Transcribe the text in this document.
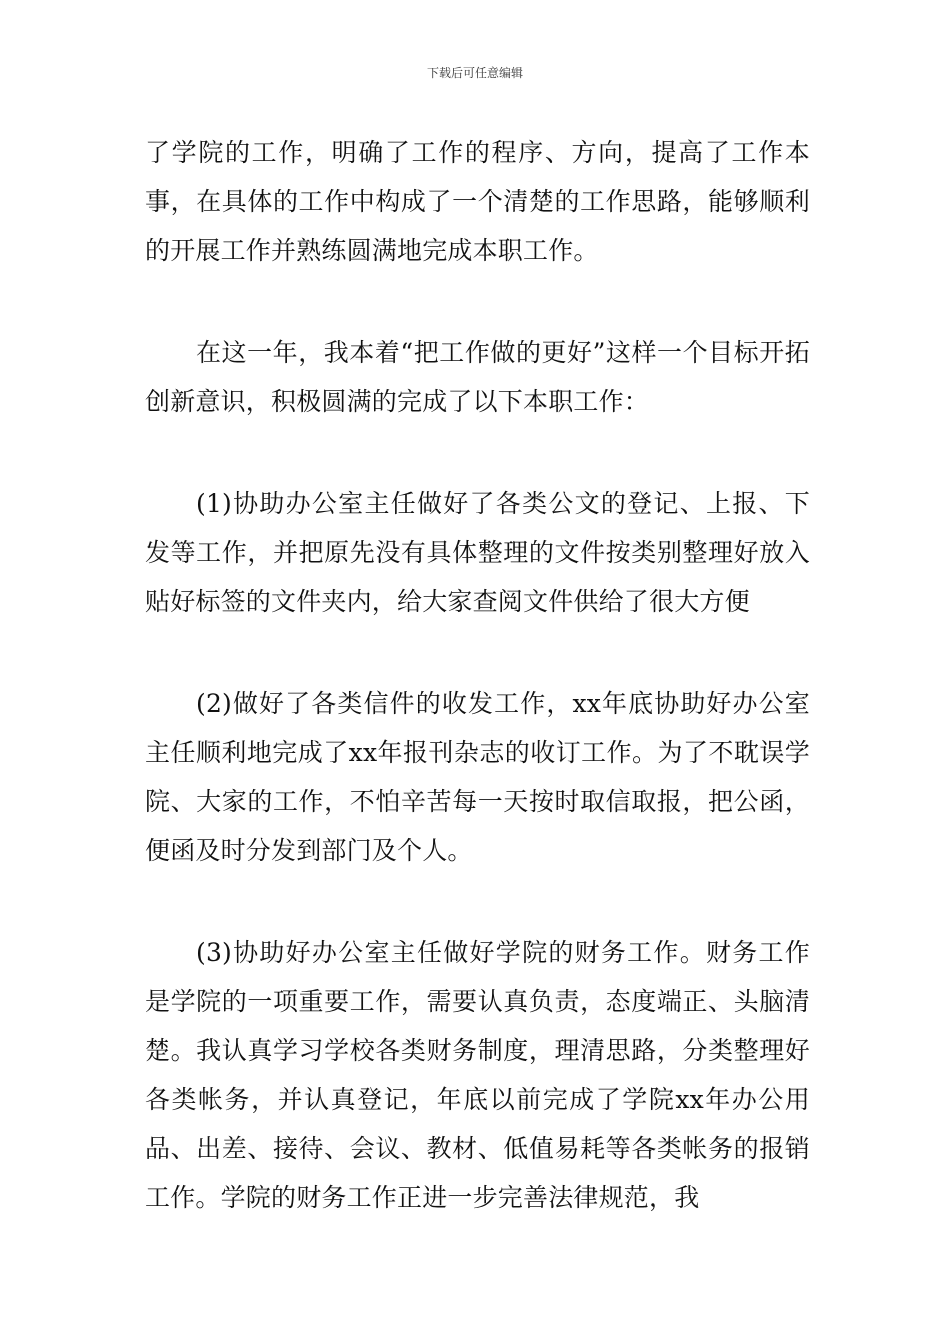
下载后可任意编辑

了学院的工作，明确了工作的程序、方向，提高了工作本事，在具体的工作中构成了一个清楚的工作思路，能够顺利的开展工作并熟练圆满地完成本职工作。

在这一年，我本着“把工作做的更好”这样一个目标开拓创新意识，积极圆满的完成了以下本职工作：

(1)协助办公室主任做好了各类公文的登记、上报、下发等工作，并把原先没有具体整理的文件按类别整理好放入贴好标签的文件夹内，给大家查阅文件供给了很大方便

(2)做好了各类信件的收发工作，xx年底协助好办公室主任顺利地完成了xx年报刊杂志的收订工作。为了不耽误学院、大家的工作，不怕辛苦每一天按时取信取报，把公函，便函及时分发到部门及个人。

(3)协助好办公室主任做好学院的财务工作。财务工作是学院的一项重要工作，需要认真负责，态度端正、头脑清楚。我认真学习学校各类财务制度，理清思路，分类整理好各类帐务，并认真登记，年底以前完成了学院xx年办公用品、出差、接待、会议、教材、低值易耗等各类帐务的报销工作。学院的财务工作正进一步完善法律规范，我
